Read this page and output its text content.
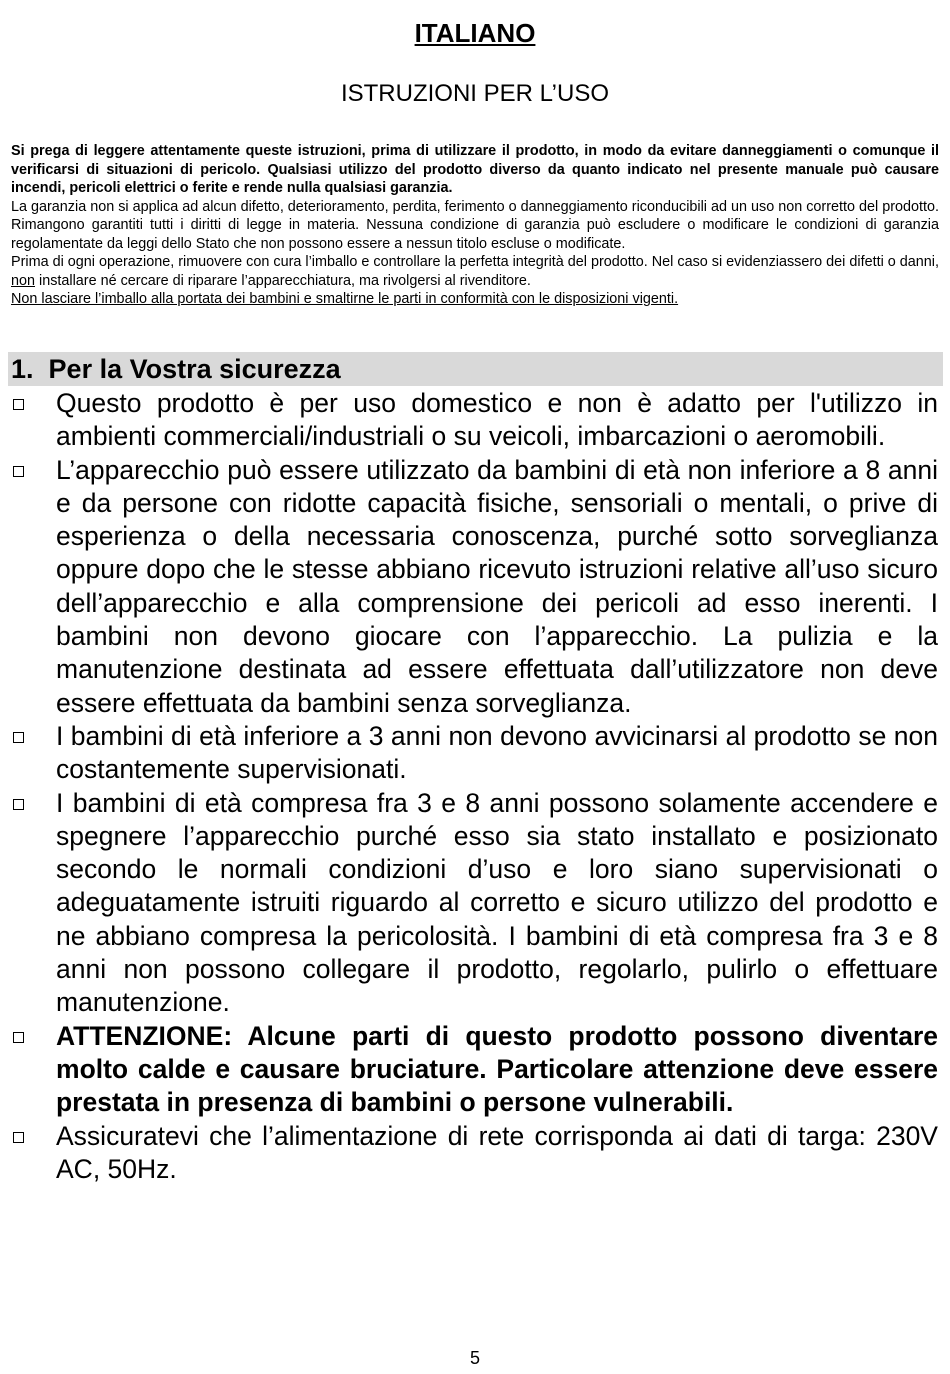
ITALIANO
ISTRUZIONI PER L’USO

Si prega di leggere attentamente queste istruzioni, prima di utilizzare il prodotto, in modo da evitare danneggiamenti o comunque il verificarsi di situazioni di pericolo. Qualsiasi utilizzo del prodotto diverso da quanto indicato nel presente manuale può causare incendi, pericoli elettrici o ferite e rende nulla qualsiasi garanzia.

La garanzia non si applica ad alcun difetto, deterioramento, perdita, ferimento o danneggiamento riconducibili ad un uso non corretto del prodotto. Rimangono garantiti tutti i diritti di legge in materia. Nessuna condizione di garanzia può escludere o modificare le condizioni di garanzia regolamentate da leggi dello Stato che non possono essere a nessun titolo escluse o modificate.

Prima di ogni operazione, rimuovere con cura l’imballo e controllare la perfetta integrità del prodotto. Nel caso si evidenziassero dei difetti o danni, non installare né cercare di riparare l’apparecchiatura, ma rivolgersi al rivenditore.

Non lasciare l’imballo alla portata dei bambini e smaltirne le parti in conformità con le disposizioni vigenti.

1. Per la Vostra sicurezza

Questo prodotto è per uso domestico e non è adatto per l'utilizzo in ambienti commerciali/industriali o su veicoli, imbarcazioni o aeromobili.

L’apparecchio può essere utilizzato da bambini di età non inferiore a 8 anni e da persone con ridotte capacità fisiche, sensoriali o mentali, o prive di esperienza o della necessaria conoscenza, purché sotto sorveglianza oppure dopo che le stesse abbiano ricevuto istruzioni relative all’uso sicuro dell’apparecchio e alla comprensione dei pericoli ad esso inerenti. I bambini non devono giocare con l’apparecchio. La pulizia e la manutenzione destinata ad essere effettuata dall’utilizzatore non deve essere effettuata da bambini senza sorveglianza.

I bambini di età inferiore a 3 anni non devono avvicinarsi al prodotto se non costantemente supervisionati.

I bambini di età compresa fra 3 e 8 anni possono solamente accendere e spegnere l’apparecchio purché esso sia stato installato e posizionato secondo le normali condizioni d’uso e loro siano supervisionati o adeguatamente istruiti riguardo al corretto e sicuro utilizzo del prodotto e ne abbiano compresa la pericolosità. I bambini di età compresa fra 3 e 8 anni non possono collegare il prodotto, regolarlo, pulirlo o effettuare manutenzione.

ATTENZIONE: Alcune parti di questo prodotto possono diventare molto calde e causare bruciature. Particolare attenzione deve essere prestata in presenza di bambini o persone vulnerabili.

Assicuratevi che l’alimentazione di rete corrisponda ai dati di targa: 230V AC, 50Hz.

5
